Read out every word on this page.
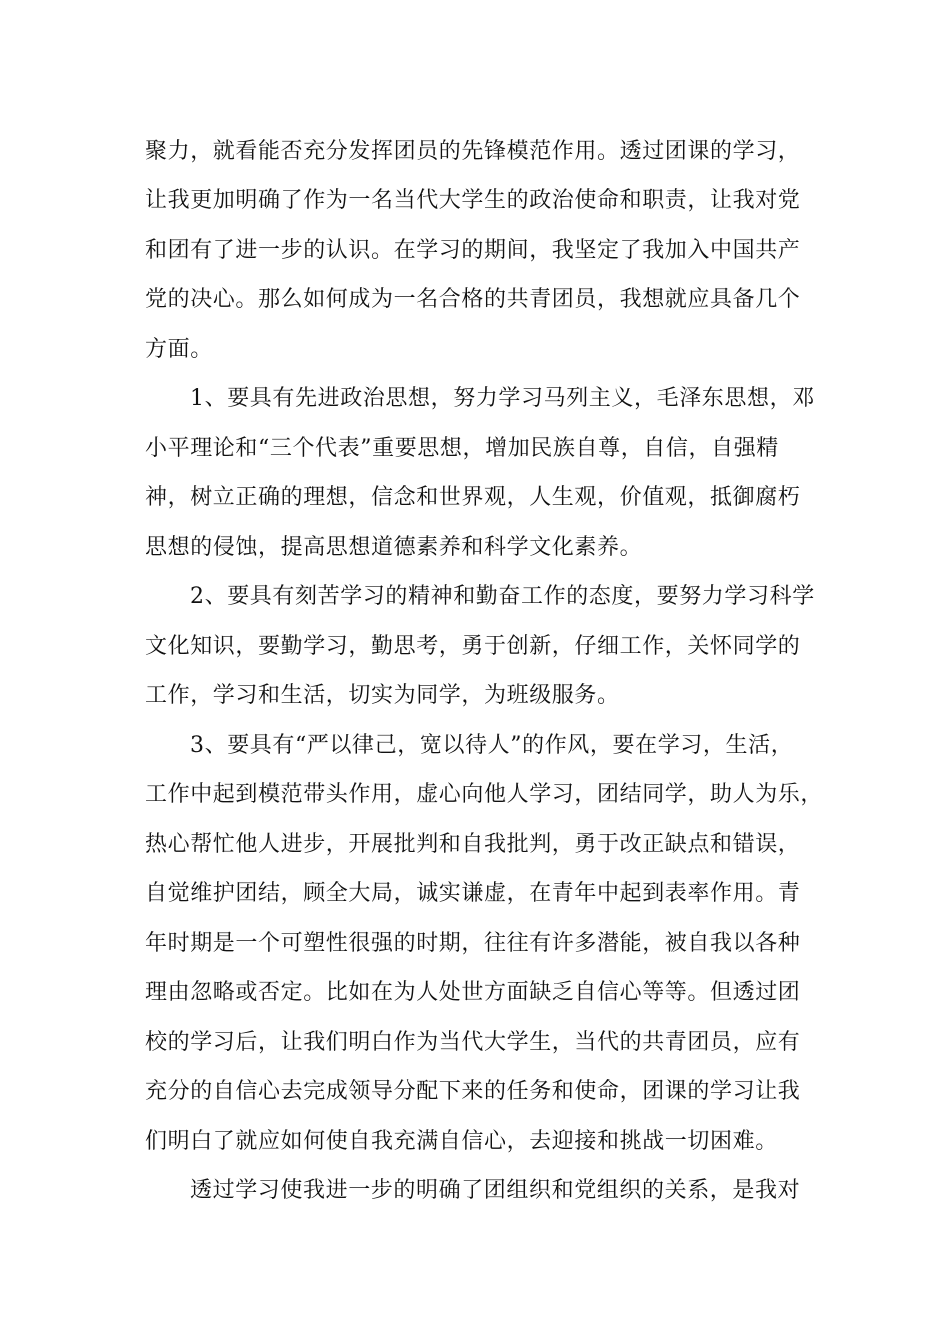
聚力，就看能否充分发挥团员的先锋模范作用。透过团课的学习，
让我更加明确了作为一名当代大学生的政治使命和职责，让我对党
和团有了进一步的认识。在学习的期间，我坚定了我加入中国共产
党的决心。那么如何成为一名合格的共青团员，我想就应具备几个
方面。
1、要具有先进政治思想，努力学习马列主义，毛泽东思想，邓
小平理论和“三个代表”重要思想，增加民族自尊，自信，自强精
神，树立正确的理想，信念和世界观，人生观，价值观，抵御腐朽
思想的侵蚀，提高思想道德素养和科学文化素养。
2、要具有刻苦学习的精神和勤奋工作的态度，要努力学习科学
文化知识，要勤学习，勤思考，勇于创新，仔细工作，关怀同学的
工作，学习和生活，切实为同学，为班级服务。
3、要具有“严以律己，宽以待人”的作风，要在学习，生活，
工作中起到模范带头作用，虚心向他人学习，团结同学，助人为乐，
热心帮忙他人进步，开展批判和自我批判，勇于改正缺点和错误，
自觉维护团结，顾全大局，诚实谦虚，在青年中起到表率作用。青
年时期是一个可塑性很强的时期，往往有许多潜能，被自我以各种
理由忽略或否定。比如在为人处世方面缺乏自信心等等。但透过团
校的学习后，让我们明白作为当代大学生，当代的共青团员，应有
充分的自信心去完成领导分配下来的任务和使命，团课的学习让我
们明白了就应如何使自我充满自信心，去迎接和挑战一切困难。
透过学习使我进一步的明确了团组织和党组织的关系，是我对
